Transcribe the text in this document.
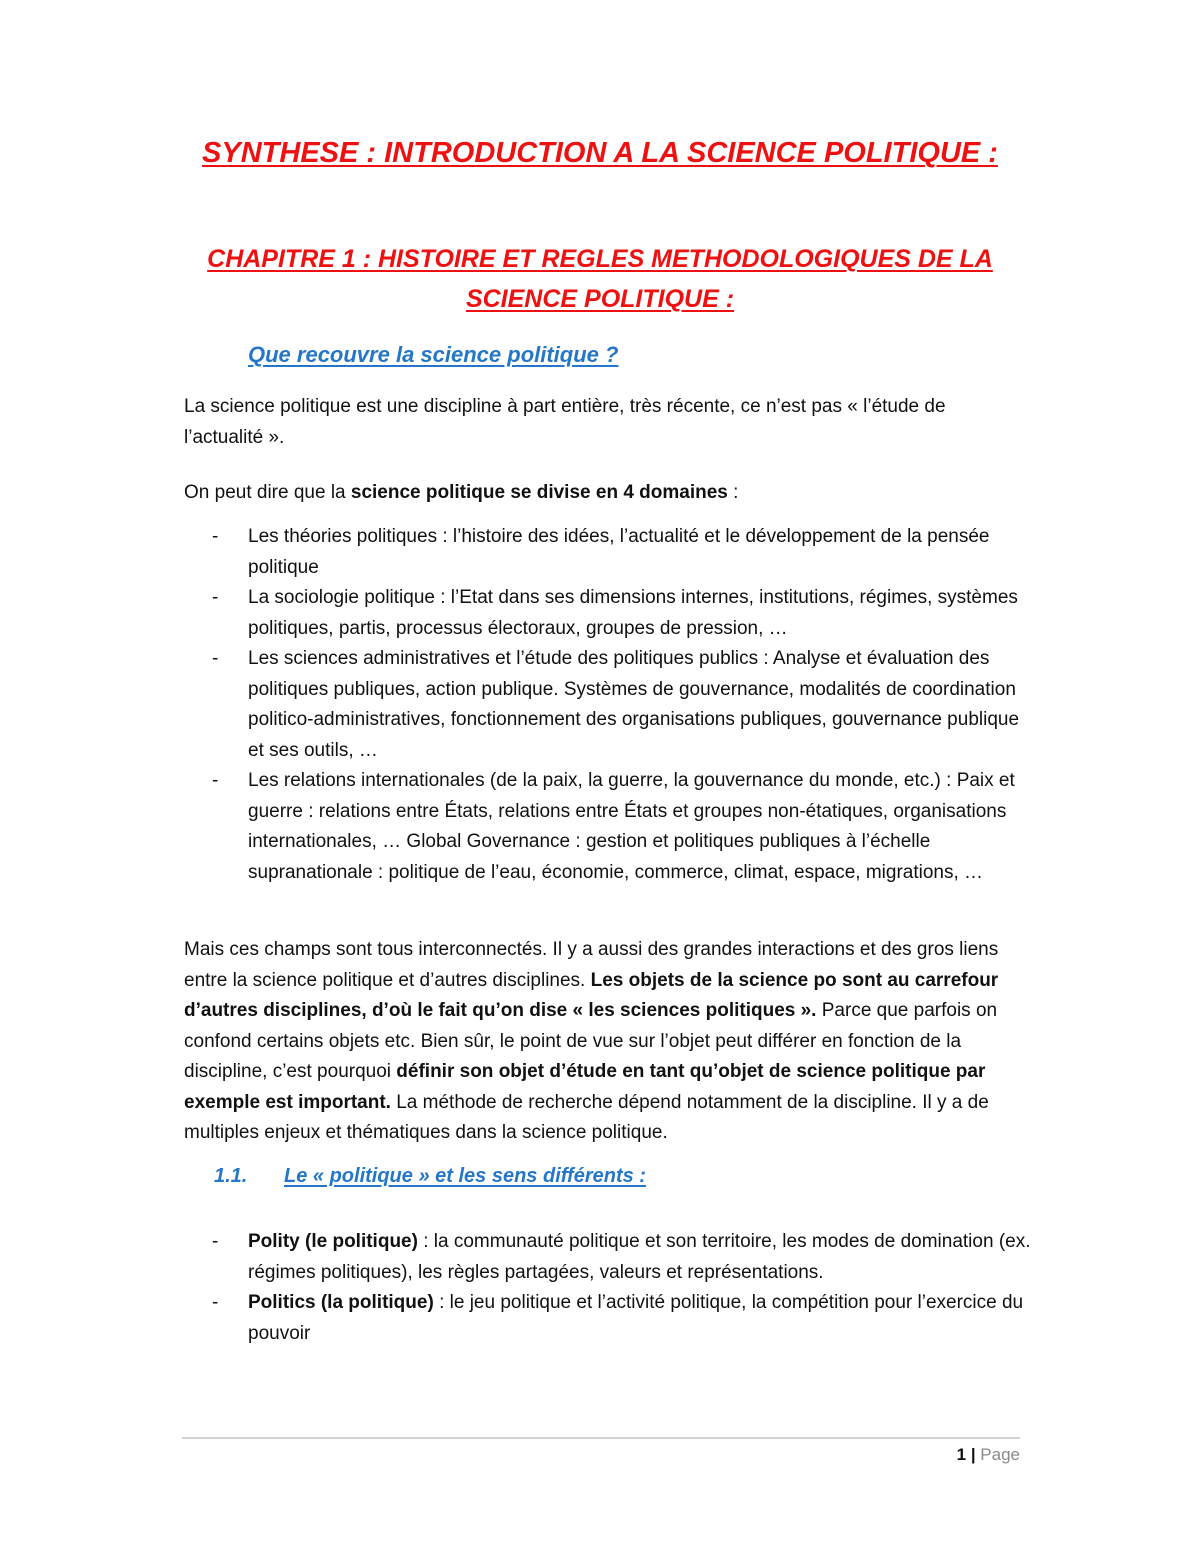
SYNTHESE : INTRODUCTION A LA SCIENCE POLITIQUE :
CHAPITRE 1 : HISTOIRE ET REGLES METHODOLOGIQUES DE LA
SCIENCE POLITIQUE :
Que recouvre la science politique ?

La science politique est une discipline à part entière, très récente, ce n’est pas « l’étude de l’actualité ».

On peut dire que la science politique se divise en 4 domaines :

- Les théories politiques : l’histoire des idées, l’actualité et le développement de la pensée politique
- La sociologie politique : l’Etat dans ses dimensions internes, institutions, régimes, systèmes politiques, partis, processus électoraux, groupes de pression, …
- Les sciences administratives et l’étude des politiques publics : Analyse et évaluation des politiques publiques, action publique. Systèmes de gouvernance, modalités de coordination politico-administratives, fonctionnement des organisations publiques, gouvernance publique et ses outils, …
- Les relations internationales (de la paix, la guerre, la gouvernance du monde, etc.) : Paix et guerre : relations entre États, relations entre États et groupes non-étatiques, organisations internationales, … Global Governance : gestion et politiques publiques à l’échelle supranationale : politique de l’eau, économie, commerce, climat, espace, migrations, …

Mais ces champs sont tous interconnectés. Il y a aussi des grandes interactions et des gros liens entre la science politique et d’autres disciplines. Les objets de la science po sont au carrefour d’autres disciplines, d’où le fait qu’on dise « les sciences politiques ». Parce que parfois on confond certains objets etc. Bien sûr, le point de vue sur l’objet peut différer en fonction de la discipline, c’est pourquoi définir son objet d’étude en tant qu’objet de science politique par exemple est important. La méthode de recherche dépend notamment de la discipline. Il y a de multiples enjeux et thématiques dans la science politique.

1.1. Le « politique » et les sens différents :
- Polity (le politique) : la communauté politique et son territoire, les modes de domination (ex. régimes politiques), les règles partagées, valeurs et représentations.
- Politics (la politique) : le jeu politique et l’activité politique, la compétition pour l’exercice du pouvoir
1 | Page
